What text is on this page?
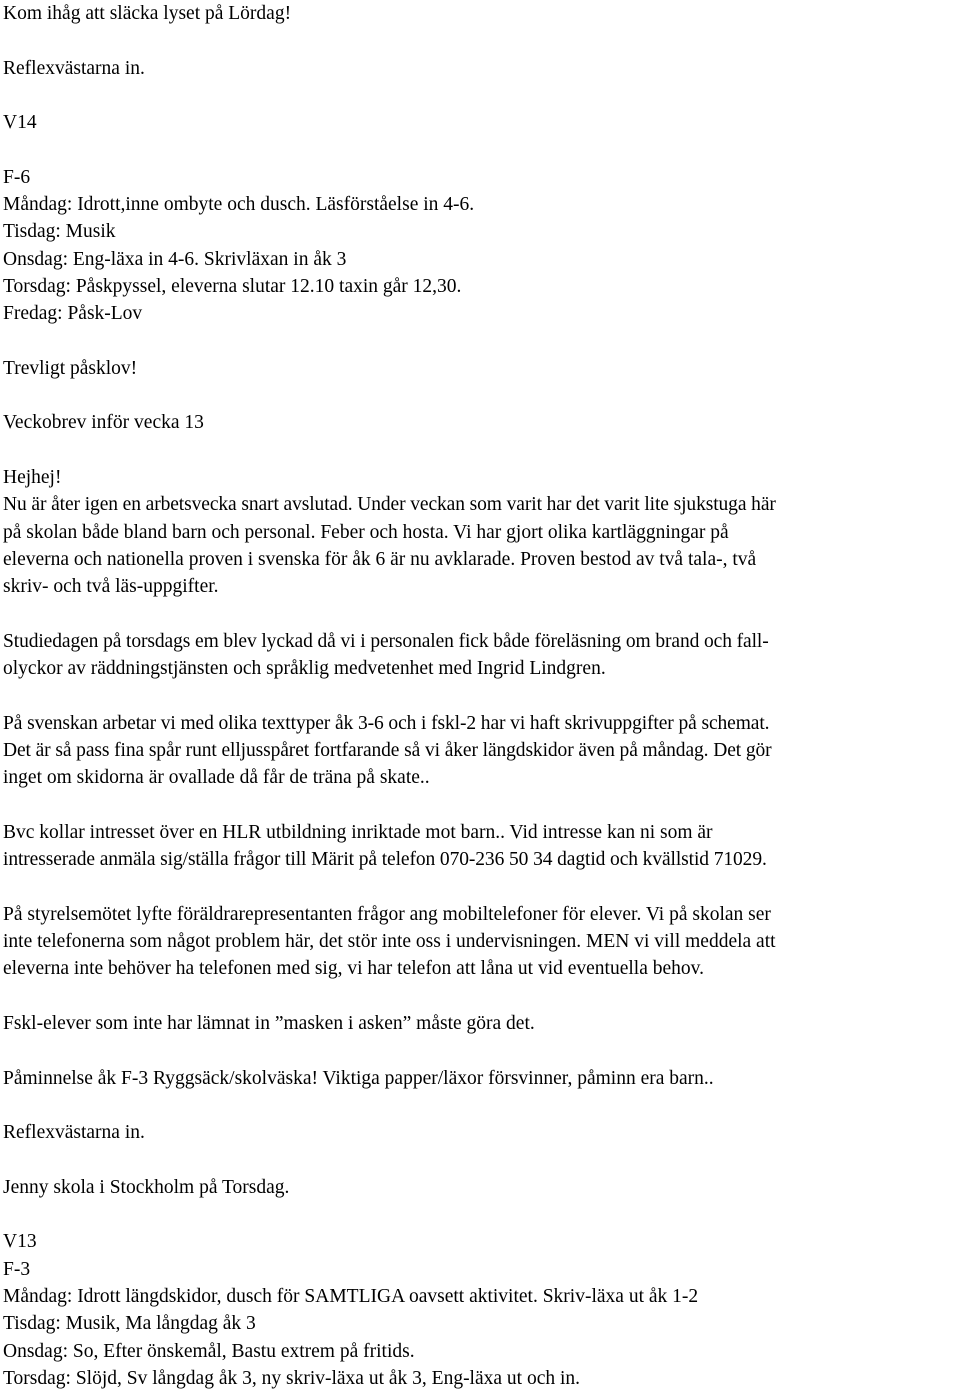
Kom ihåg att släcka lyset på Lördag!
Reflexvästarna in.
V14
F-6
Måndag: Idrott,inne ombyte och dusch. Läsförståelse in 4-6.
Tisdag: Musik
Onsdag: Eng-läxa in 4-6. Skrivläxan in åk 3
Torsdag: Påskpyssel, eleverna slutar 12.10 taxin går 12,30.
Fredag: Påsk-Lov
Trevligt påsklov!
Veckobrev inför vecka 13
Hejhej!
Nu är åter igen en arbetsvecka snart avslutad. Under veckan som varit har det varit lite sjukstuga här
på skolan både bland barn och personal. Feber och hosta. Vi har gjort olika kartläggningar på
eleverna och nationella proven i svenska för åk 6 är nu avklarade. Proven bestod av två tala-, två
skriv- och två läs-uppgifter.
Studiedagen på torsdags em blev lyckad då vi i personalen fick både föreläsning om brand och fall-
olyckor av räddningstjänsten och språklig medvetenhet med Ingrid Lindgren.
På svenskan arbetar vi med olika texttyper åk 3-6 och i fskl-2 har vi haft skrivuppgifter på schemat.
Det är så pass fina spår runt elljusspåret fortfarande så vi åker längdskidor även på måndag. Det gör
inget om skidorna är ovallade då får de träna på skate..
Bvc kollar intresset över en HLR utbildning inriktade mot barn.. Vid intresse kan ni som är
intresserade anmäla sig/ställa frågor till Märit på telefon 070-236 50 34 dagtid och kvällstid 71029.
På styrelsemötet lyfte föräldrarepresentanten frågor ang mobiltelefoner för elever. Vi på skolan ser
inte telefonerna som något problem här, det stör inte oss i undervisningen. MEN vi vill meddela att
eleverna inte behöver ha telefonen med sig, vi har telefon att låna ut vid eventuella behov.
Fskl-elever som inte har lämnat in ”masken i asken” måste göra det.
Påminnelse åk F-3 Ryggsäck/skolväska! Viktiga papper/läxor försvinner, påminn era barn..
Reflexvästarna in.
Jenny skola i Stockholm på Torsdag.
V13
F-3
Måndag: Idrott längdskidor, dusch för SAMTLIGA oavsett aktivitet. Skriv-läxa ut åk 1-2
Tisdag: Musik, Ma långdag åk 3
Onsdag: So, Efter önskemål, Bastu extrem på fritids.
Torsdag: Slöjd, Sv långdag åk 3, ny skriv-läxa ut åk 3, Eng-läxa ut och in.
